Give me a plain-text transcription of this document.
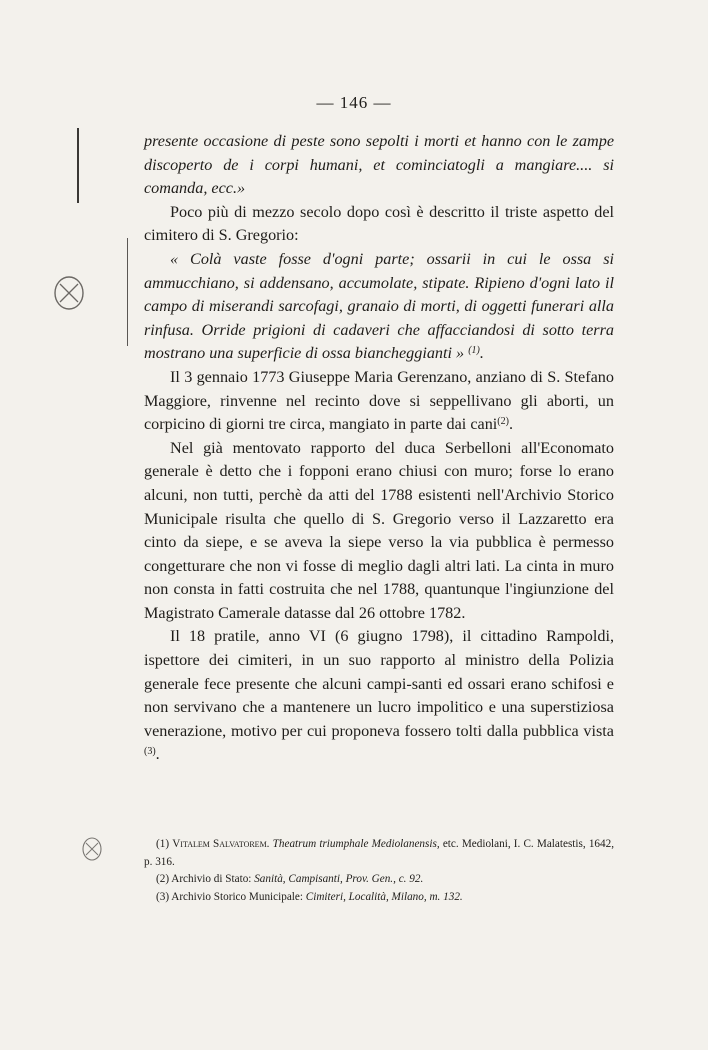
— 146 —

presente occasione di peste sono sepolti i morti et hanno con le zampe discoperto de i corpi humani, et cominciatogli a mangiare.... si comanda, ecc.»

Poco più di mezzo secolo dopo così è descritto il triste aspetto del cimitero di S. Gregorio:

« Colà vaste fosse d'ogni parte; ossarii in cui le ossa si ammucchiano, si addensano, accumolate, stipate. Ripieno d'ogni lato il campo di miserandi sarcofagi, granaio di morti, di oggetti funerari alla rinfusa. Orride prigioni di cadaveri che affacciandosi di sotto terra mostrano una superficie di ossa biancheggianti » $^{(1)}$.

Il 3 gennaio 1773 Giuseppe Maria Gerenzano, anziano di S. Stefano Maggiore, rinvenne nel recinto dove si seppellivano gli aborti, un corpicino di giorni tre circa, mangiato in parte dai cani$^{(2)}$.

Nel già mentovato rapporto del duca Serbelloni all'Economato generale è detto che i fopponi erano chiusi con muro; forse lo erano alcuni, non tutti, perchè da atti del 1788 esistenti nell'Archivio Storico Municipale risulta che quello di S. Gregorio verso il Lazzaretto era cinto da siepe, e se aveva la siepe verso la via pubblica è permesso congetturare che non vi fosse di meglio dagli altri lati. La cinta in muro non consta in fatti costruita che nel 1788, quantunque l'ingiunzione del Magistrato Camerale datasse dal 26 ottobre 1782.

Il 18 pratile, anno VI (6 giugno 1798), il cittadino Rampoldi, ispettore dei cimiteri, in un suo rapporto al ministro della Polizia generale fece presente che alcuni campi-santi ed ossari erano schifosi e non servivano che a mantenere un lucro impolitico e una superstiziosa venerazione, motivo per cui proponeva fossero tolti dalla pubblica vista $^{(3)}$.

(1) Vitalem Salvatorem. Theatrum triumphale Mediolanensis, etc. Mediolani, I. C. Malatestis, 1642, p. 316.

(2) Archivio di Stato: Sanità, Campisanti, Prov. Gen., c. 92.

(3) Archivio Storico Municipale: Cimiteri, Località, Milano, m. 132.
